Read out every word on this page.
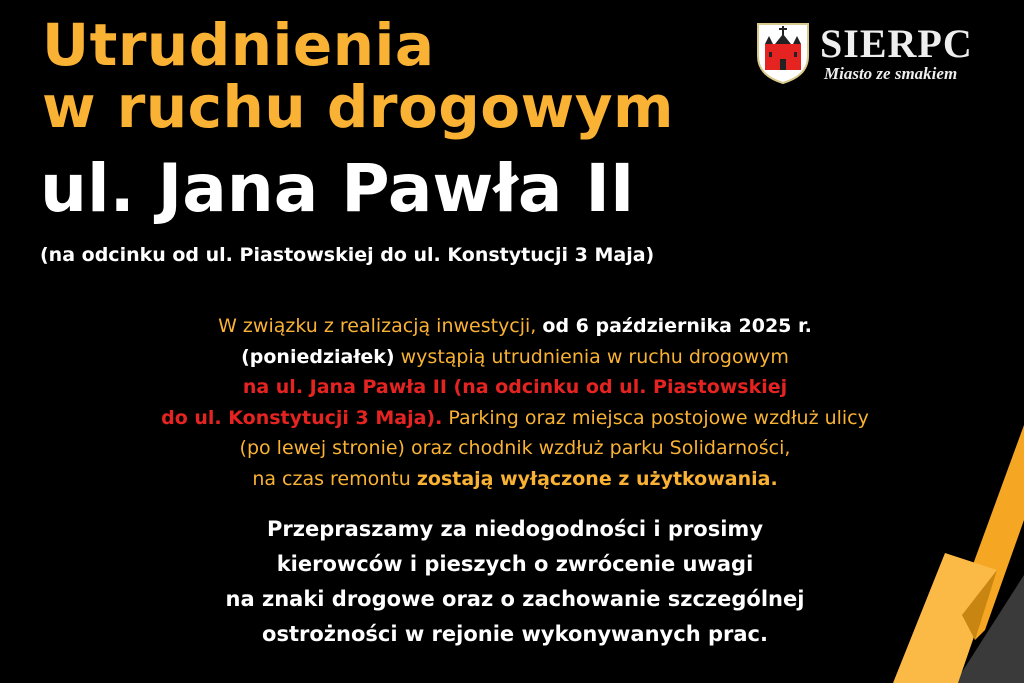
Utrudnienia
w ruchu drogowym
ul. Jana Pawła II
(na odcinku od ul. Piastowskiej do ul. Konstytucji 3 Maja)
SIERPC
Miasto ze smakiem
W związku z realizacją inwestycji, od 6 października 2025 r.
(poniedziałek) wystąpią utrudnienia w ruchu drogowym
na ul. Jana Pawła II (na odcinku od ul. Piastowskiej
do ul. Konstytucji 3 Maja). Parking oraz miejsca postojowe wzdłuż ulicy
(po lewej stronie) oraz chodnik wzdłuż parku Solidarności,
na czas remontu zostają wyłączone z użytkowania.
Przepraszamy za niedogodności i prosimy
kierowców i pieszych o zwrócenie uwagi
na znaki drogowe oraz o zachowanie szczególnej
ostrożności w rejonie wykonywanych prac.
